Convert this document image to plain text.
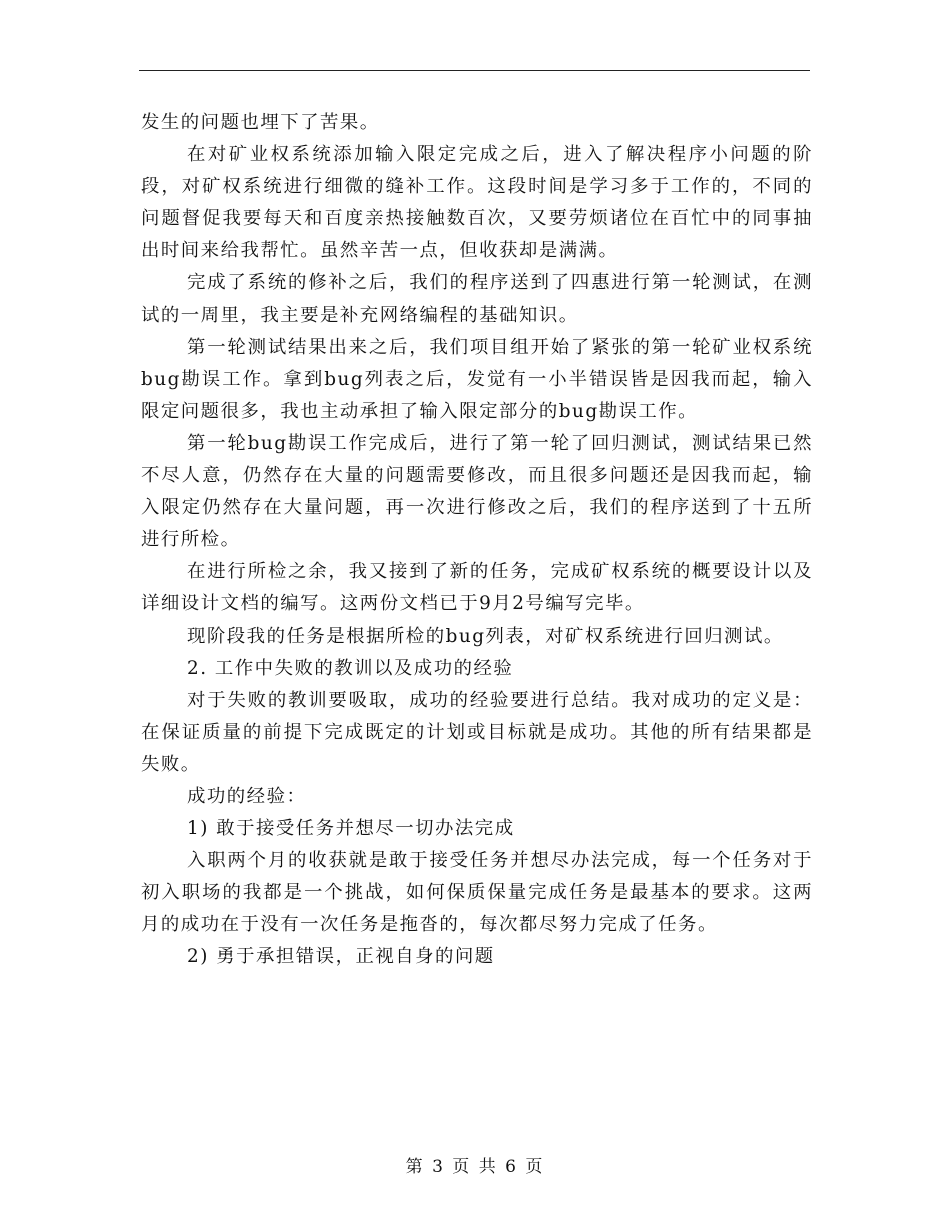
发生的问题也埋下了苦果。

在对矿业权系统添加输入限定完成之后，进入了解决程序小问题的阶段，对矿权系统进行细微的缝补工作。这段时间是学习多于工作的，不同的问题督促我要每天和百度亲热接触数百次，又要劳烦诸位在百忙中的同事抽出时间来给我帮忙。虽然辛苦一点，但收获却是满满。

完成了系统的修补之后，我们的程序送到了四惠进行第一轮测试，在测试的一周里，我主要是补充网络编程的基础知识。

第一轮测试结果出来之后，我们项目组开始了紧张的第一轮矿业权系统bug勘误工作。拿到bug列表之后，发觉有一小半错误皆是因我而起，输入限定问题很多，我也主动承担了输入限定部分的bug勘误工作。

第一轮bug勘误工作完成后，进行了第一轮了回归测试，测试结果已然不尽人意，仍然存在大量的问题需要修改，而且很多问题还是因我而起，输入限定仍然存在大量问题，再一次进行修改之后，我们的程序送到了十五所进行所检。

在进行所检之余，我又接到了新的任务，完成矿权系统的概要设计以及详细设计文档的编写。这两份文档已于9月2号编写完毕。

现阶段我的任务是根据所检的bug列表，对矿权系统进行回归测试。

2. 工作中失败的教训以及成功的经验

对于失败的教训要吸取，成功的经验要进行总结。我对成功的定义是：在保证质量的前提下完成既定的计划或目标就是成功。其他的所有结果都是失败。

成功的经验：

1) 敢于接受任务并想尽一切办法完成

入职两个月的收获就是敢于接受任务并想尽办法完成，每一个任务对于初入职场的我都是一个挑战，如何保质保量完成任务是最基本的要求。这两月的成功在于没有一次任务是拖沓的，每次都尽努力完成了任务。

2) 勇于承担错误，正视自身的问题

第 3 页 共 6 页
